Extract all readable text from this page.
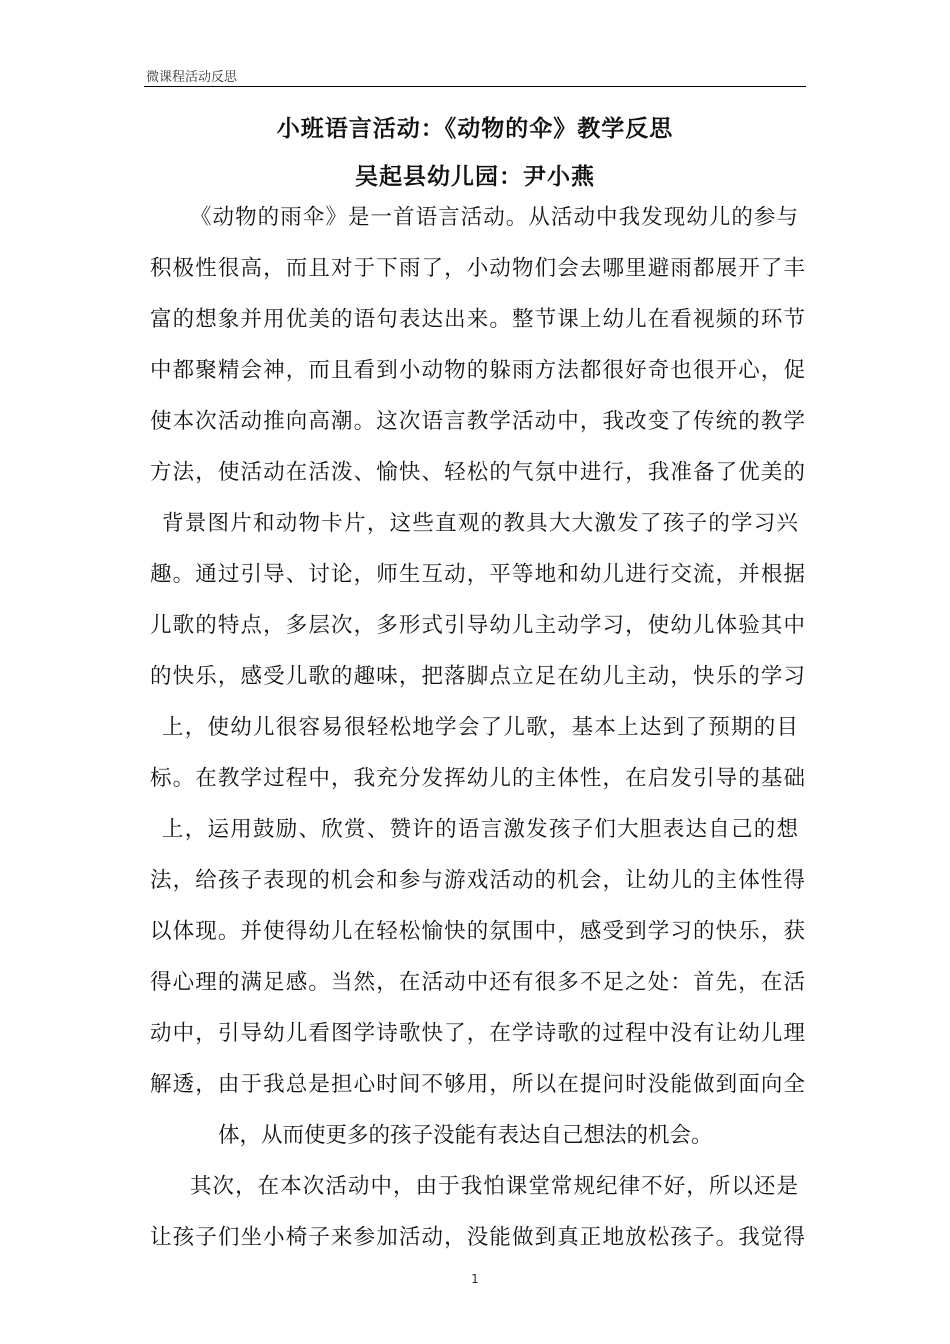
微课程活动反思
小班语言活动：《动物的伞》教学反思
吴起县幼儿园：尹小燕
《动物的雨伞》是一首语言活动。从活动中我发现幼儿的参与
积极性很高，而且对于下雨了，小动物们会去哪里避雨都展开了丰
富的想象并用优美的语句表达出来。整节课上幼儿在看视频的环节
中都聚精会神，而且看到小动物的躲雨方法都很好奇也很开心，促
使本次活动推向高潮。这次语言教学活动中，我改变了传统的教学
方法，使活动在活泼、愉快、轻松的气氛中进行，我准备了优美的
背景图片和动物卡片，这些直观的教具大大激发了孩子的学习兴
趣。通过引导、讨论，师生互动，平等地和幼儿进行交流，并根据
儿歌的特点，多层次，多形式引导幼儿主动学习，使幼儿体验其中
的快乐，感受儿歌的趣味，把落脚点立足在幼儿主动，快乐的学习
上，使幼儿很容易很轻松地学会了儿歌，基本上达到了预期的目
标。在教学过程中，我充分发挥幼儿的主体性，在启发引导的基础
上，运用鼓励、欣赏、赞许的语言激发孩子们大胆表达自己的想
法，给孩子表现的机会和参与游戏活动的机会，让幼儿的主体性得
以体现。并使得幼儿在轻松愉快的氛围中，感受到学习的快乐，获
得心理的满足感。当然，在活动中还有很多不足之处：首先，在活
动中，引导幼儿看图学诗歌快了，在学诗歌的过程中没有让幼儿理
解透，由于我总是担心时间不够用，所以在提问时没能做到面向全
体，从而使更多的孩子没能有表达自己想法的机会。
其次，在本次活动中，由于我怕课堂常规纪律不好，所以还是
让孩子们坐小椅子来参加活动，没能做到真正地放松孩子。我觉得
1
